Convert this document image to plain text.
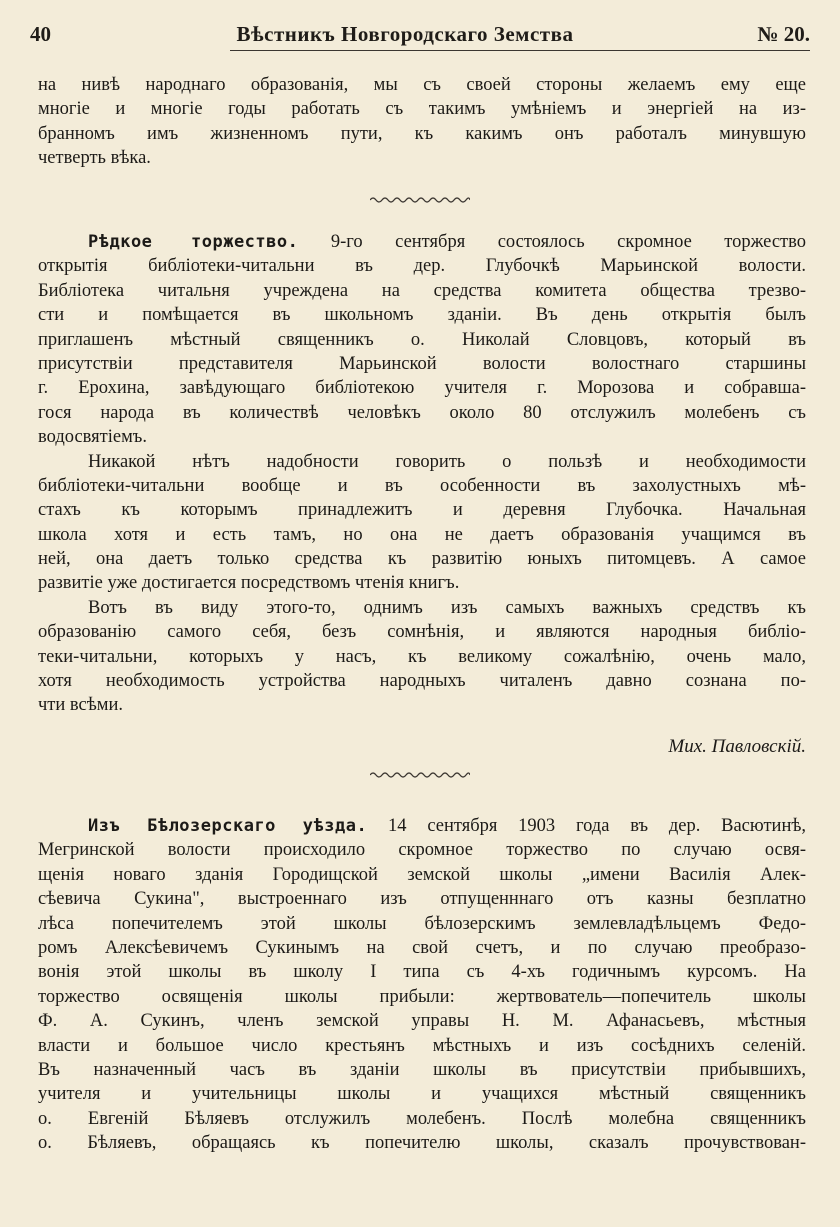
40	Вѣстникъ Новгородскаго Земства	№ 20.
на нивѣ народнаго образованія, мы съ своей стороны желаемъ ему еще
многіе и многіе годы работать съ такимъ умѣніемъ и энергіей на из-
бранномъ имъ жизненномъ пути, къ какимъ онъ работалъ минувшую
четверть вѣка.
Рѣдкое торжество. 9-го сентября состоялось скромное торжество
открытія библіотеки-читальни въ дер. Глубочкѣ Марьинской волости.
Библіотека читальня учреждена на средства комитета общества трезво-
сти и помѣщается въ школьномъ зданіи. Въ день открытія былъ
приглашенъ мѣстный священникъ о. Николай Словцовъ, который въ
присутствіи представителя Марьинской волости волостнаго старшины
г. Ерохина, завѣдующаго библіотекою учителя г. Морозова и собравша-
гося народа въ количествѣ человѣкъ около 80 отслужилъ молебенъ съ
водосвятіемъ.
Никакой нѣтъ надобности говорить о пользѣ и необходимости
библіотеки-читальни вообще и въ особенности въ захолустныхъ мѣ-
стахъ къ которымъ принадлежитъ и деревня Глубочка. Начальная
школа хотя и есть тамъ, но она не даетъ образованія учащимся въ
ней, она даетъ только средства къ развитію юныхъ питомцевъ. А самое
развитіе уже достигается посредствомъ чтенія книгъ.
Вотъ въ виду этого-то, однимъ изъ самыхъ важныхъ средствъ къ
образованію самого себя, безъ сомнѣнія, и являются народныя библіо-
теки-читальни, которыхъ у насъ, къ великому сожалѣнію, очень мало,
хотя необходимость устройства народныхъ читаленъ давно сознана по-
чти всѣми.
Мих. Павловскій.
Изъ Бѣлозерскаго уѣзда. 14 сентября 1903 года въ дер. Васютинѣ,
Мегринской волости происходило скромное торжество по случаю освя-
щенія новаго зданія Городищской земской школы „имени Василія Алек-
сѣевича Сукина", выстроеннаго изъ отпущенннаго отъ казны безплатно
лѣса попечителемъ этой школы бѣлозерскимъ землевладѣльцемъ Федо-
ромъ Алексѣевичемъ Сукинымъ на свой счетъ, и по случаю преобразо-
вонія этой школы въ школу I типа съ 4-хъ годичнымъ курсомъ. На
торжество освященія школы прибыли: жертвователь—попечитель школы
Ф. А. Сукинъ, членъ земской управы Н. М. Афанасьевъ, мѣстныя
власти и большое число крестьянъ мѣстныхъ и изъ сосѣднихъ селеній.
Въ назначенный часъ въ зданіи школы въ присутствіи прибывшихъ,
учителя и учительницы школы и учащихся мѣстный священникъ
о. Евгеній Бѣляевъ отслужилъ молебенъ. Послѣ молебна священникъ
о. Бѣляевъ, обращаясь къ попечителю школы, сказалъ прочувствован-
